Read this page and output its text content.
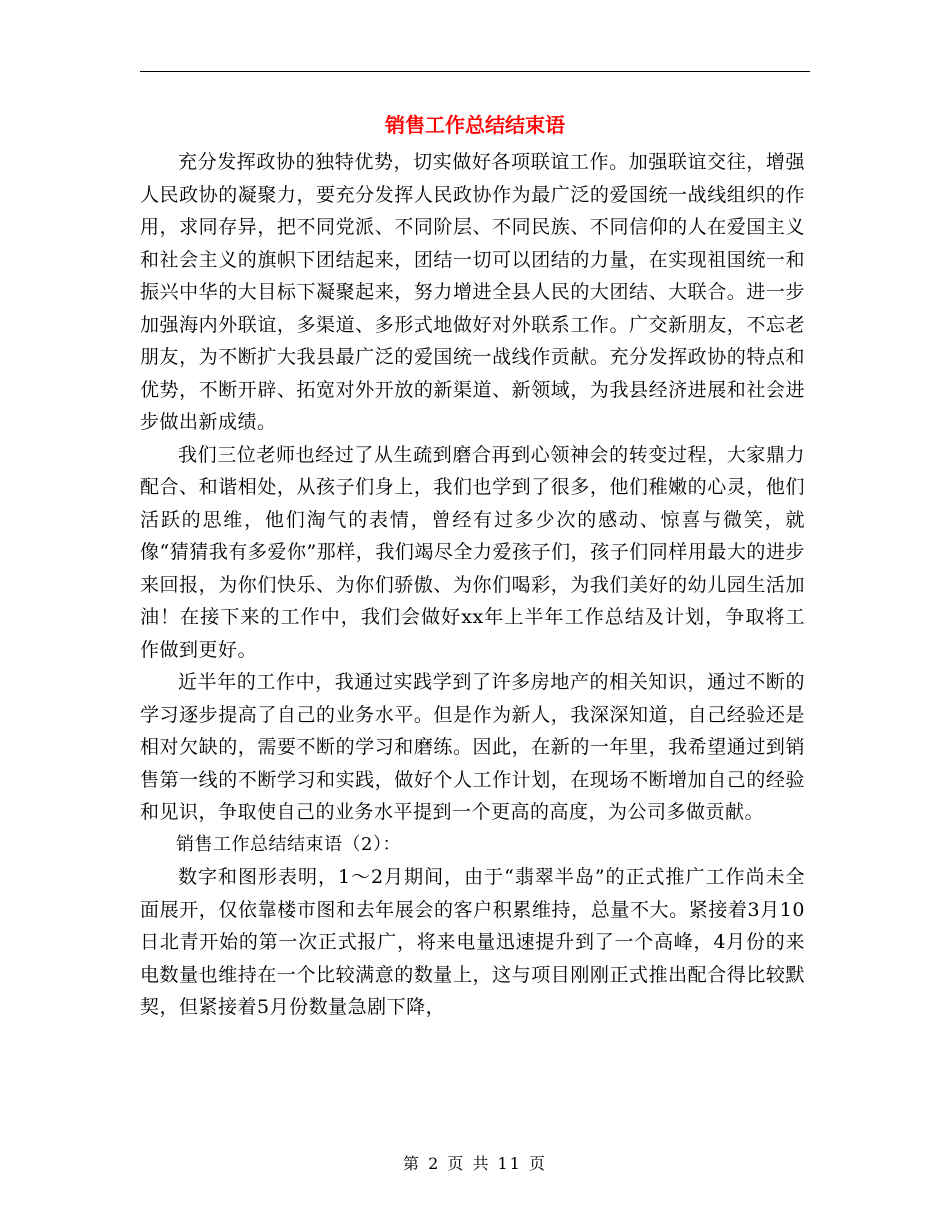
销售工作总结结束语

充分发挥政协的独特优势，切实做好各项联谊工作。加强联谊交往，增强人民政协的凝聚力，要充分发挥人民政协作为最广泛的爱国统一战线组织的作用，求同存异，把不同党派、不同阶层、不同民族、不同信仰的人在爱国主义和社会主义的旗帜下团结起来，团结一切可以团结的力量，在实现祖国统一和振兴中华的大目标下凝聚起来，努力增进全县人民的大团结、大联合。进一步加强海内外联谊，多渠道、多形式地做好对外联系工作。广交新朋友，不忘老朋友，为不断扩大我县最广泛的爱国统一战线作贡献。充分发挥政协的特点和优势，不断开辟、拓宽对外开放的新渠道、新领域，为我县经济进展和社会进步做出新成绩。

我们三位老师也经过了从生疏到磨合再到心领神会的转变过程，大家鼎力配合、和谐相处，从孩子们身上，我们也学到了很多，他们稚嫩的心灵，他们活跃的思维，他们淘气的表情，曾经有过多少次的感动、惊喜与微笑，就像“猜猜我有多爱你”那样，我们竭尽全力爱孩子们，孩子们同样用最大的进步来回报，为你们快乐、为你们骄傲、为你们喝彩，为我们美好的幼儿园生活加油！在接下来的工作中，我们会做好xx年上半年工作总结及计划，争取将工作做到更好。

近半年的工作中，我通过实践学到了许多房地产的相关知识，通过不断的学习逐步提高了自己的业务水平。但是作为新人，我深深知道，自己经验还是相对欠缺的，需要不断的学习和磨练。因此，在新的一年里，我希望通过到销售第一线的不断学习和实践，做好个人工作计划，在现场不断增加自己的经验和见识，争取使自己的业务水平提到一个更高的高度，为公司多做贡献。

销售工作总结结束语（2）：

数字和图形表明，1～2月期间，由于“翡翠半岛”的正式推广工作尚未全面展开，仅依靠楼市图和去年展会的客户积累维持，总量不大。紧接着3月10日北青开始的第一次正式报广，将来电量迅速提升到了一个高峰，4月份的来电数量也维持在一个比较满意的数量上，这与项目刚刚正式推出配合得比较默契，但紧接着5月份数量急剧下降，

第 2 页 共 11 页
